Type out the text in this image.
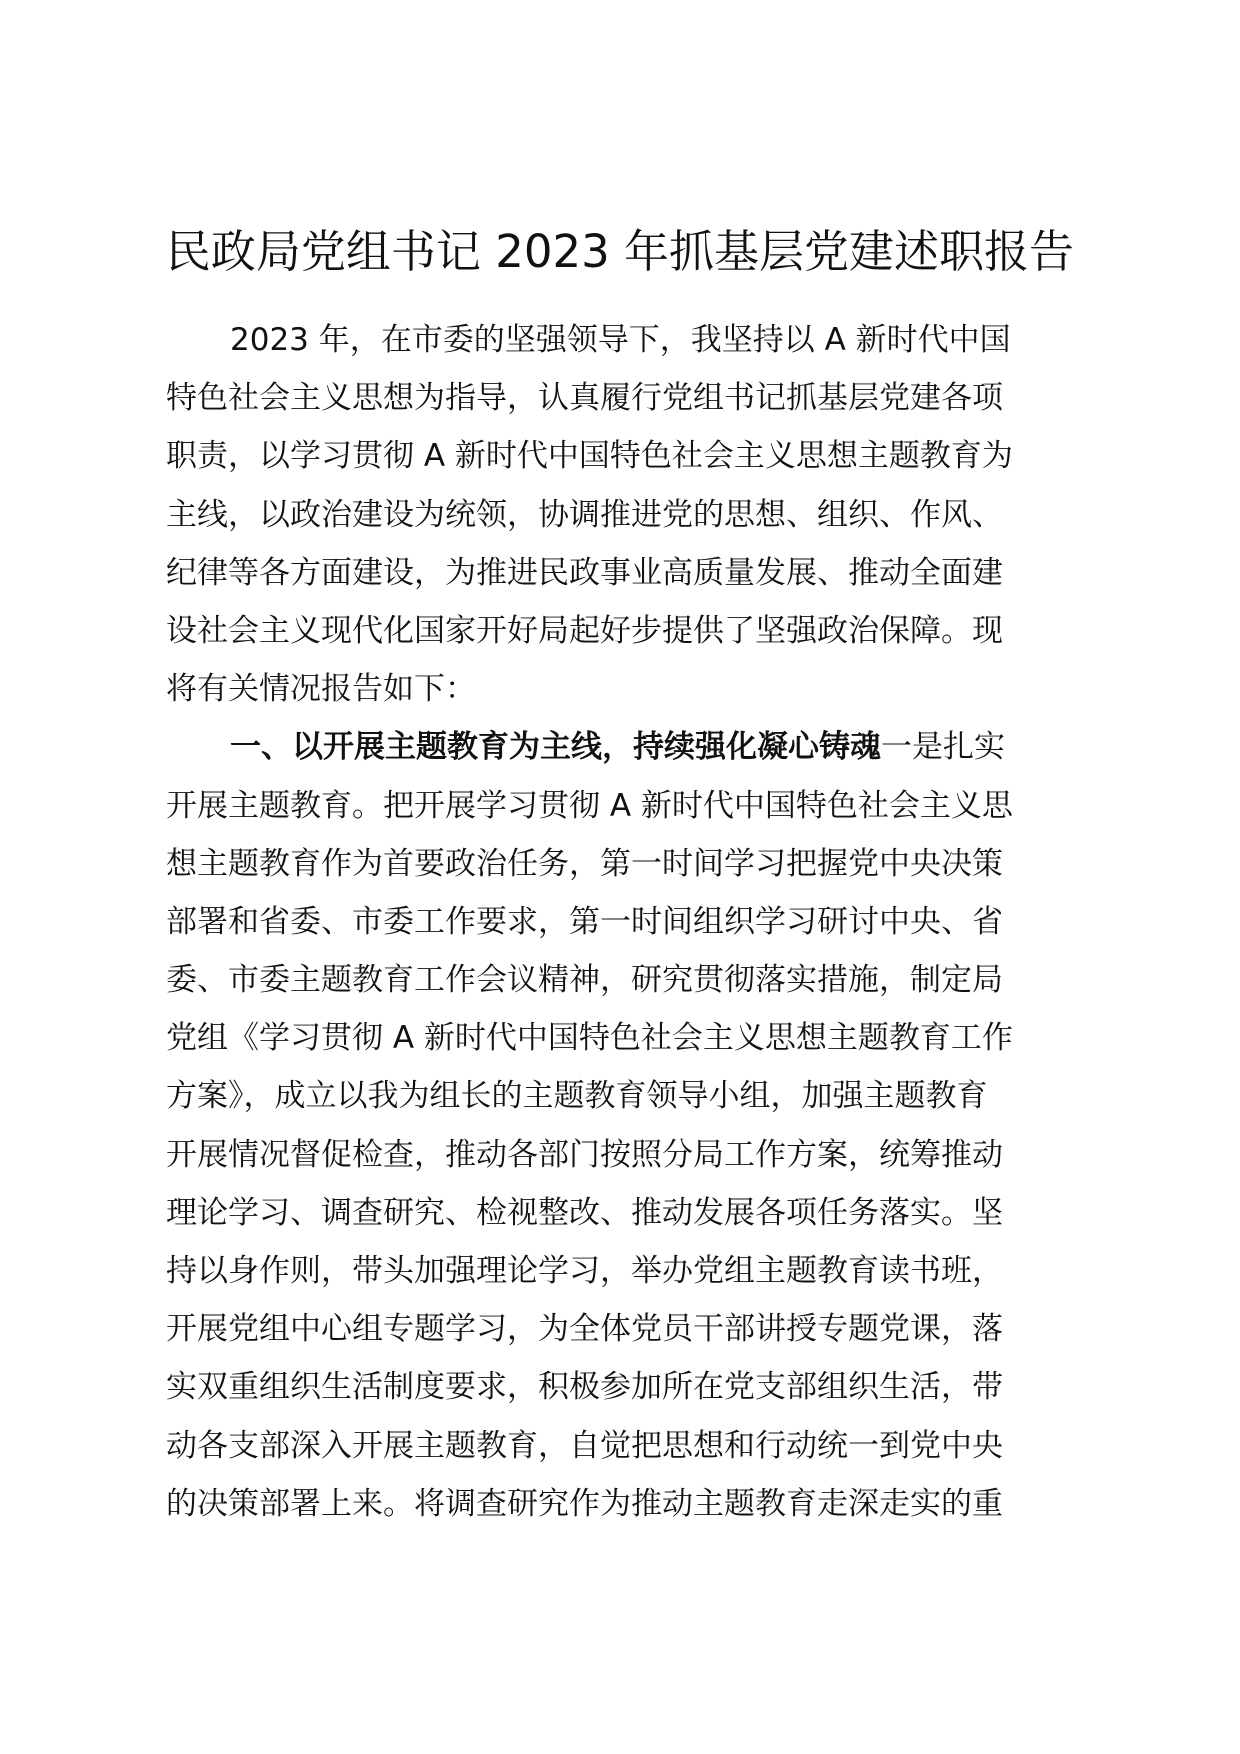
民政局党组书记 2023 年抓基层党建述职报告
2023 年，在市委的坚强领导下，我坚持以 A 新时代中国
特色社会主义思想为指导，认真履行党组书记抓基层党建各项
职责，以学习贯彻 A 新时代中国特色社会主义思想主题教育为
主线，以政治建设为统领，协调推进党的思想、组织、作风、
纪律等各方面建设，为推进民政事业高质量发展、推动全面建
设社会主义现代化国家开好局起好步提供了坚强政治保障。现
将有关情况报告如下：
一、以开展主题教育为主线，持续强化凝心铸魂一是扎实
开展主题教育。把开展学习贯彻 A 新时代中国特色社会主义思
想主题教育作为首要政治任务，第一时间学习把握党中央决策
部署和省委、市委工作要求，第一时间组织学习研讨中央、省
委、市委主题教育工作会议精神，研究贯彻落实措施，制定局
党组《学习贯彻 A 新时代中国特色社会主义思想主题教育工作
方案》，成立以我为组长的主题教育领导小组，加强主题教育
开展情况督促检查，推动各部门按照分局工作方案，统筹推动
理论学习、调查研究、检视整改、推动发展各项任务落实。坚
持以身作则，带头加强理论学习，举办党组主题教育读书班，
开展党组中心组专题学习，为全体党员干部讲授专题党课，落
实双重组织生活制度要求，积极参加所在党支部组织生活，带
动各支部深入开展主题教育，自觉把思想和行动统一到党中央
的决策部署上来。将调查研究作为推动主题教育走深走实的重
